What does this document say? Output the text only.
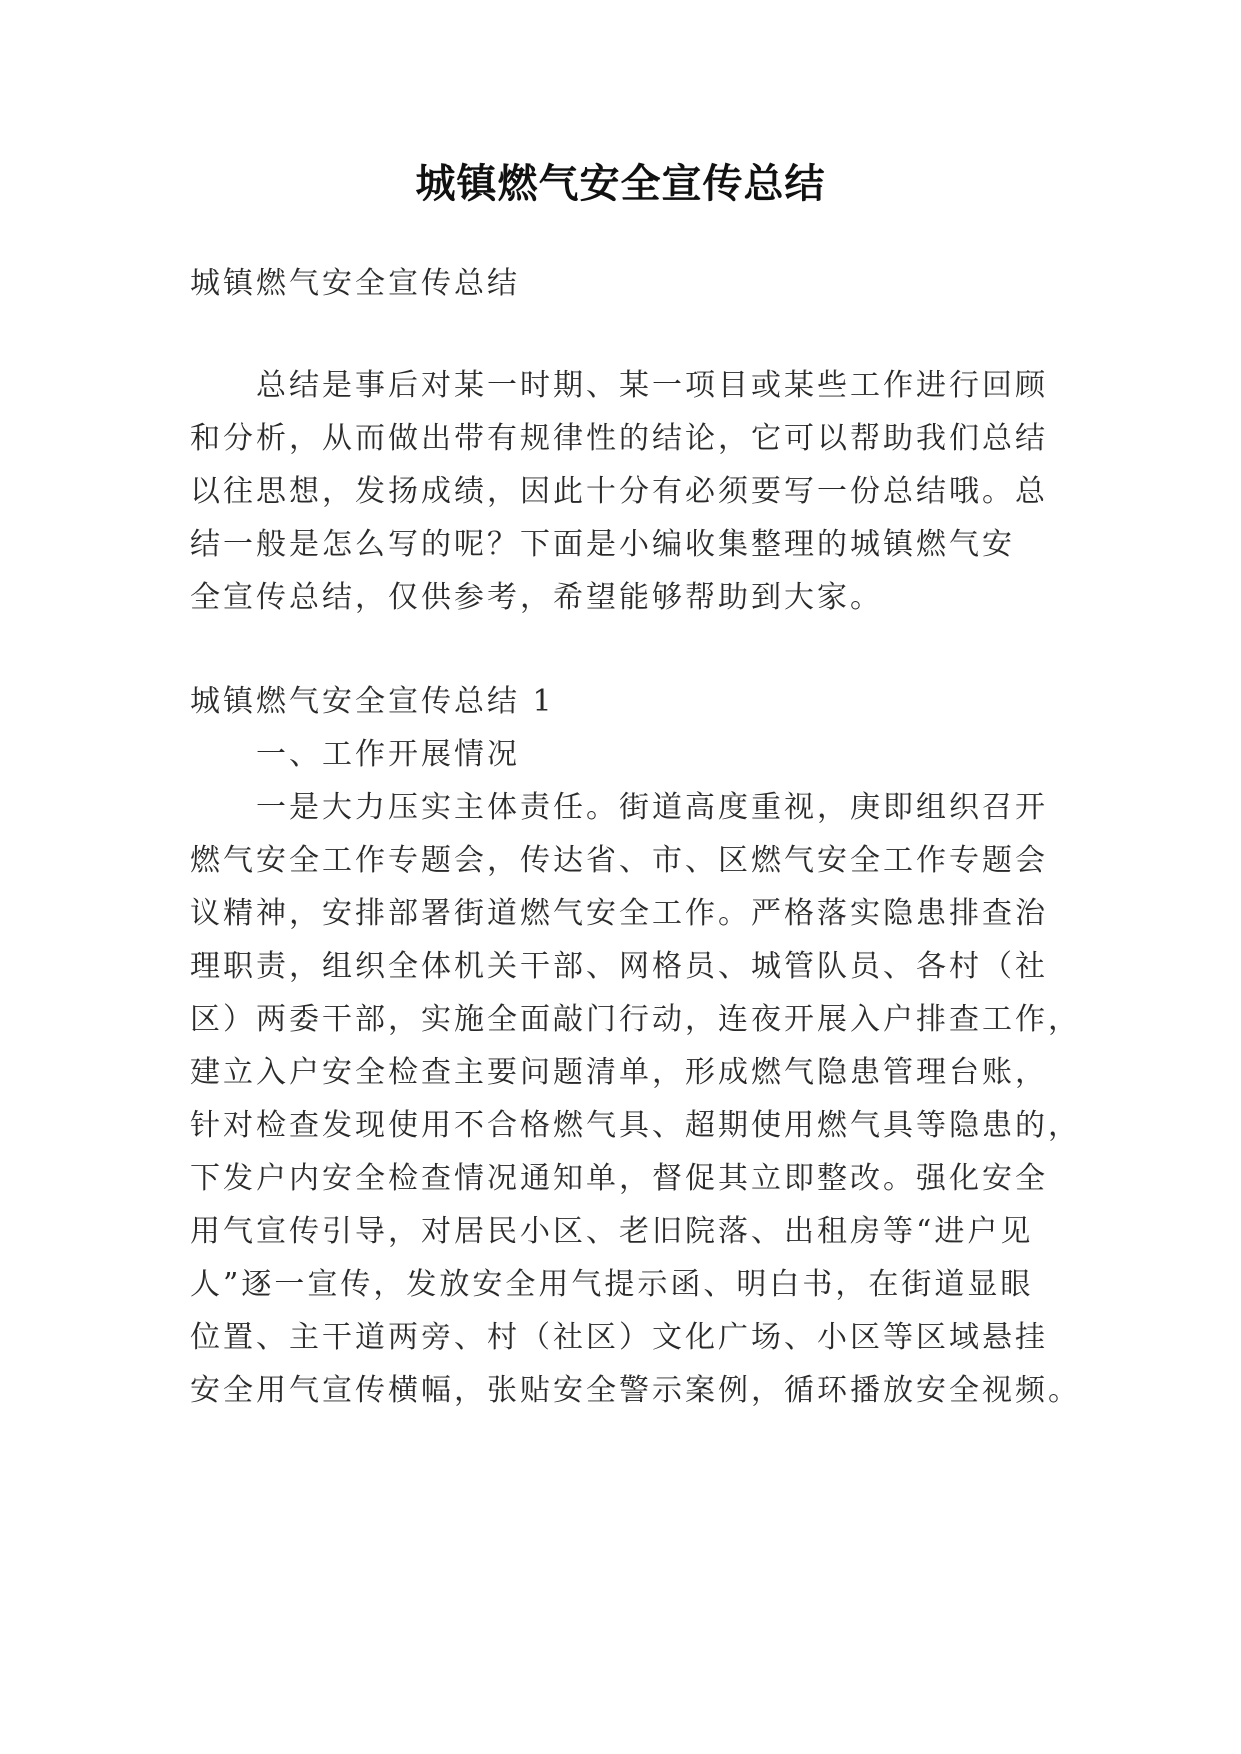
城镇燃气安全宣传总结
城镇燃气安全宣传总结
总结是事后对某一时期、某一项目或某些工作进行回顾
和分析，从而做出带有规律性的结论，它可以帮助我们总结
以往思想，发扬成绩，因此十分有必须要写一份总结哦。总
结一般是怎么写的呢？下面是小编收集整理的城镇燃气安
全宣传总结，仅供参考，希望能够帮助到大家。
城镇燃气安全宣传总结 1
一、工作开展情况
一是大力压实主体责任。街道高度重视，庚即组织召开
燃气安全工作专题会，传达省、市、区燃气安全工作专题会
议精神，安排部署街道燃气安全工作。严格落实隐患排查治
理职责，组织全体机关干部、网格员、城管队员、各村（社
区）两委干部，实施全面敲门行动，连夜开展入户排查工作，
建立入户安全检查主要问题清单，形成燃气隐患管理台账，
针对检查发现使用不合格燃气具、超期使用燃气具等隐患的，
下发户内安全检查情况通知单，督促其立即整改。强化安全
用气宣传引导，对居民小区、老旧院落、出租房等“进户见
人”逐一宣传，发放安全用气提示函、明白书，在街道显眼
位置、主干道两旁、村（社区）文化广场、小区等区域悬挂
安全用气宣传横幅，张贴安全警示案例，循环播放安全视频。
